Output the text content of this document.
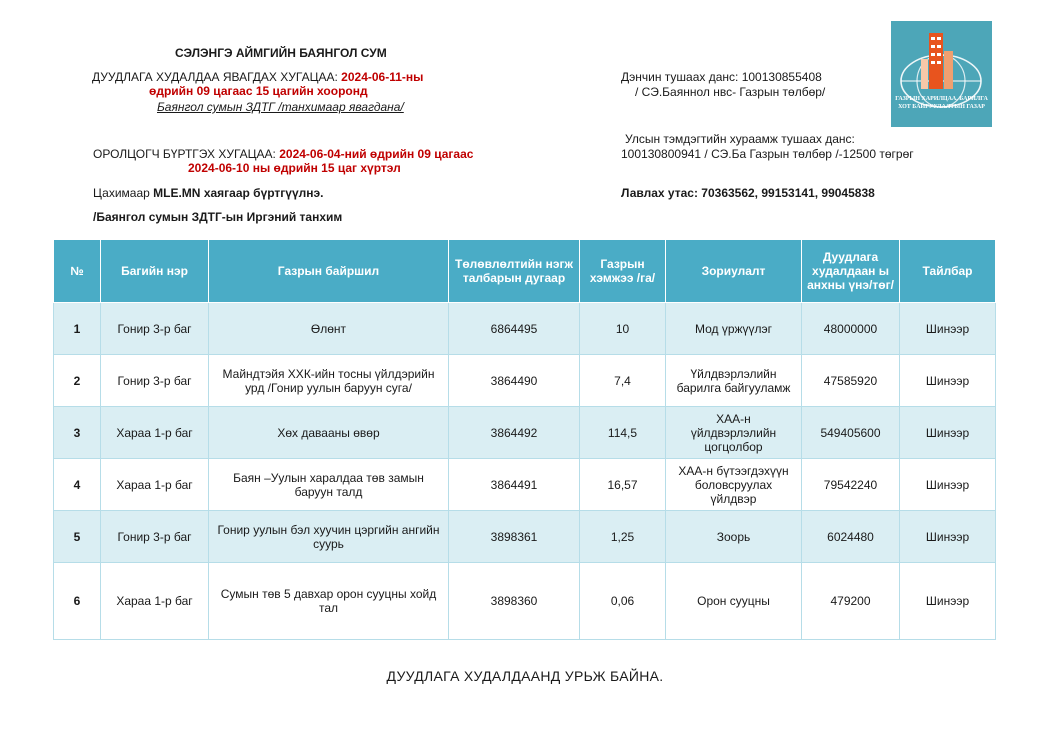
СЭЛЭНГЭ АЙМГИЙН БАЯНГОЛ СУМ
ДУУДЛАГА ХУДАЛДАА ЯВАГДАХ ХУГАЦАА: 2024-06-11-ны
өдрийн 09 цагаас 15 цагийн хооронд
Баянгол сумын ЗДТГ /танхимаар явагдана/
ОРОЛЦОГЧ БҮРТГЭХ ХУГАЦАА: 2024-06-04-ний өдрийн 09 цагаас
2024-06-10 ны өдрийн 15 цаг хүртэл
Цахимаар MLE.MN хаягаар бүртгүүлнэ.
/Баянгол сумын ЗДТГ-ын Иргэний танхим
Дэнчин тушаах данс: 100130855408
/ СЭ.Баяннол нвс- Газрын төлбөр/
Улсын тэмдэгтийн хураамж тушаах данс:
100130800941 / СЭ.Ба Газрын төлбөр /-12500 төгрөг
Лавлах утас: 70363562, 99153141, 99045838
ГАЗРЫН ХАРИЛЦАА, БАРИЛГА
ХОТ БАЙГУУЛАЛТЫН ГАЗАР
№	Багийн нэр	Газрын байршил	Төлөвлөлтийн нэгж талбарын дугаар	Газрын хэмжээ /га/	Зориулалт	Дуудлага худалдаан ы анхны үнэ/төг/	Тайлбар
1	Гонир 3-р баг	Өлөнт	6864495	10	Мод үржүүлэг	48000000	Шинээр
2	Гонир 3-р баг	Майндтэйя ХХК-ийн тосны үйлдэрийн урд /Гонир уулын баруун суга/	3864490	7,4	Үйлдвэрлэлийн барилга байгууламж	47585920	Шинээр
3	Хараа 1-р баг	Хөх давааны өвөр	3864492	114,5	ХАА-н үйлдвэрлэлийн цогцолбор	549405600	Шинээр
4	Хараа 1-р баг	Баян –Уулын харалдаа төв замын баруун талд	3864491	16,57	ХАА-н бүтээгдэхүүн боловсруулах үйлдвэр	79542240	Шинээр
5	Гонир 3-р баг	Гонир уулын бэл хуучин цэргийн ангийн суурь	3898361	1,25	Зоорь	6024480	Шинээр
6	Хараа 1-р баг	Сумын төв 5 давхар орон сууцны хойд тал	3898360	0,06	Орон сууцны	479200	Шинээр
ДУУДЛАГА ХУДАЛДААНД УРЬЖ БАЙНА.
